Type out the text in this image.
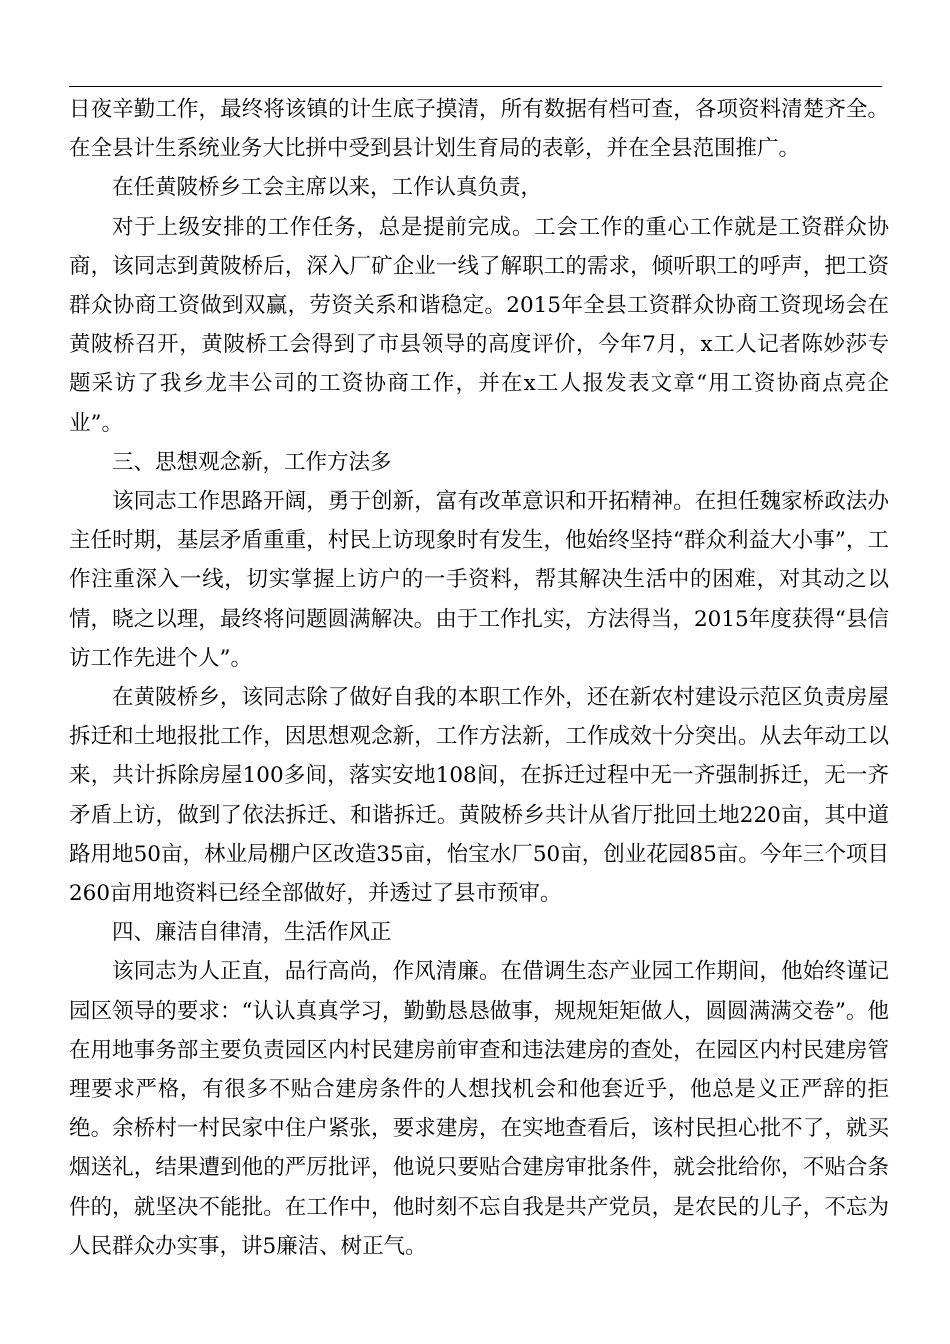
日夜辛勤工作，最终将该镇的计生底子摸清，所有数据有档可查，各项资料清楚齐全。在全县计生系统业务大比拼中受到县计划生育局的表彰，并在全县范围推广。

在任黄陂桥乡工会主席以来，工作认真负责，

对于上级安排的工作任务，总是提前完成。工会工作的重心工作就是工资群众协商，该同志到黄陂桥后，深入厂矿企业一线了解职工的需求，倾听职工的呼声，把工资群众协商工资做到双赢，劳资关系和谐稳定。2015年全县工资群众协商工资现场会在黄陂桥召开，黄陂桥工会得到了市县领导的高度评价，今年7月，x工人记者陈妙莎专题采访了我乡龙丰公司的工资协商工作，并在x工人报发表文章“用工资协商点亮企业”。

三、思想观念新，工作方法多

该同志工作思路开阔，勇于创新，富有改革意识和开拓精神。在担任魏家桥政法办主任时期，基层矛盾重重，村民上访现象时有发生，他始终坚持“群众利益大小事”，工作注重深入一线，切实掌握上访户的一手资料，帮其解决生活中的困难，对其动之以情，晓之以理，最终将问题圆满解决。由于工作扎实，方法得当，2015年度获得“县信访工作先进个人”。

在黄陂桥乡，该同志除了做好自我的本职工作外，还在新农村建设示范区负责房屋拆迁和土地报批工作，因思想观念新，工作方法新，工作成效十分突出。从去年动工以来，共计拆除房屋100多间，落实安地108间，在拆迁过程中无一齐强制拆迁，无一齐矛盾上访，做到了依法拆迁、和谐拆迁。黄陂桥乡共计从省厅批回土地220亩，其中道路用地50亩，林业局棚户区改造35亩，怡宝水厂50亩，创业花园85亩。今年三个项目260亩用地资料已经全部做好，并透过了县市预审。

四、廉洁自律清，生活作风正

该同志为人正直，品行高尚，作风清廉。在借调生态产业园工作期间，他始终谨记园区领导的要求：“认认真真学习，勤勤恳恳做事，规规矩矩做人，圆圆满满交卷”。他在用地事务部主要负责园区内村民建房前审查和违法建房的查处，在园区内村民建房管理要求严格，有很多不贴合建房条件的人想找机会和他套近乎，他总是义正严辞的拒绝。余桥村一村民家中住户紧张，要求建房，在实地查看后，该村民担心批不了，就买烟送礼，结果遭到他的严厉批评，他说只要贴合建房审批条件，就会批给你，不贴合条件的，就坚决不能批。在工作中，他时刻不忘自我是共产党员，是农民的儿子，不忘为人民群众办实事，讲5廉洁、树正气。
